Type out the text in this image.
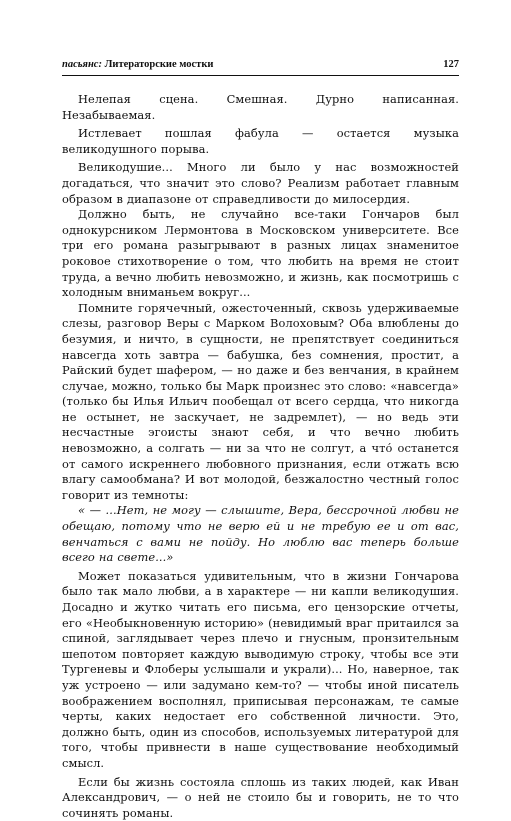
пасьянс: Литераторские мостки	127

Нелепая сцена. Смешная. Дурно написанная. Незабываемая.

Истлевает пошлая фабула — остается музыка великодушного порыва.

Великодушие... Много ли было у нас возможностей догадаться, что значит это слово? Реализм работает главным образом в диапазоне от справедливости до милосердия.

Должно быть, не случайно все-таки Гончаров был однокурсником Лермонтова в Московском университете. Все три его романа разыгрывают в разных лицах знаменитое роковое стихотворение о том, что любить на время не стоит труда, а вечно любить невозможно, и жизнь, как посмотришь с холодным вниманьем вокруг...

Помните горячечный, ожесточенный, сквозь удерживаемые слезы, разговор Веры с Марком Волоховым? Оба влюблены до безумия, и ничто, в сущности, не препятствует соединиться навсегда хоть завтра — бабушка, без сомнения, простит, а Райский будет шафером, — но даже и без венчания, в крайнем случае, можно, только бы Марк произнес это слово: «навсегда» (только бы Илья Ильич пообещал от всего сердца, что никогда не остынет, не заскучает, не задремлет), — но ведь эти несчастные эгоисты знают себя, и что вечно любить невозможно, а солгать — ни за что не солгут, а что́ останется от самого искреннего любовного признания, если отжать всю влагу самообмана? И вот молодой, безжалостно честный голос говорит из темноты:

« — ...Нет, не могу — слышите, Вера, бессрочной любви не обещаю, потому что не верю ей и не требую ее и от вас, венчаться с вами не пойду. Но люблю вас теперь больше всего на свете...»

Может показаться удивительным, что в жизни Гончарова было так мало любви, а в характере — ни капли великодушия. Досадно и жутко читать его письма, его цензорские отчеты, его «Необыкновенную историю» (невидимый враг притаился за спиной, заглядывает через плечо и гнусным, пронзительным шепотом повторяет каждую выводимую строку, чтобы все эти Тургеневы и Флоберы услышали и украли)... Но, наверное, так уж устроено — или задумано кем-то? — чтобы иной писатель воображением восполнял, приписывая персонажам, те самые черты, каких недостает его собственной личности. Это, должно быть, один из способов, используемых литературой для того, чтобы привнести в наше существование необходимый смысл.

Если бы жизнь состояла сплошь из таких людей, как Иван Александрович, — о ней не стоило бы и говорить, не то что сочинять романы.
